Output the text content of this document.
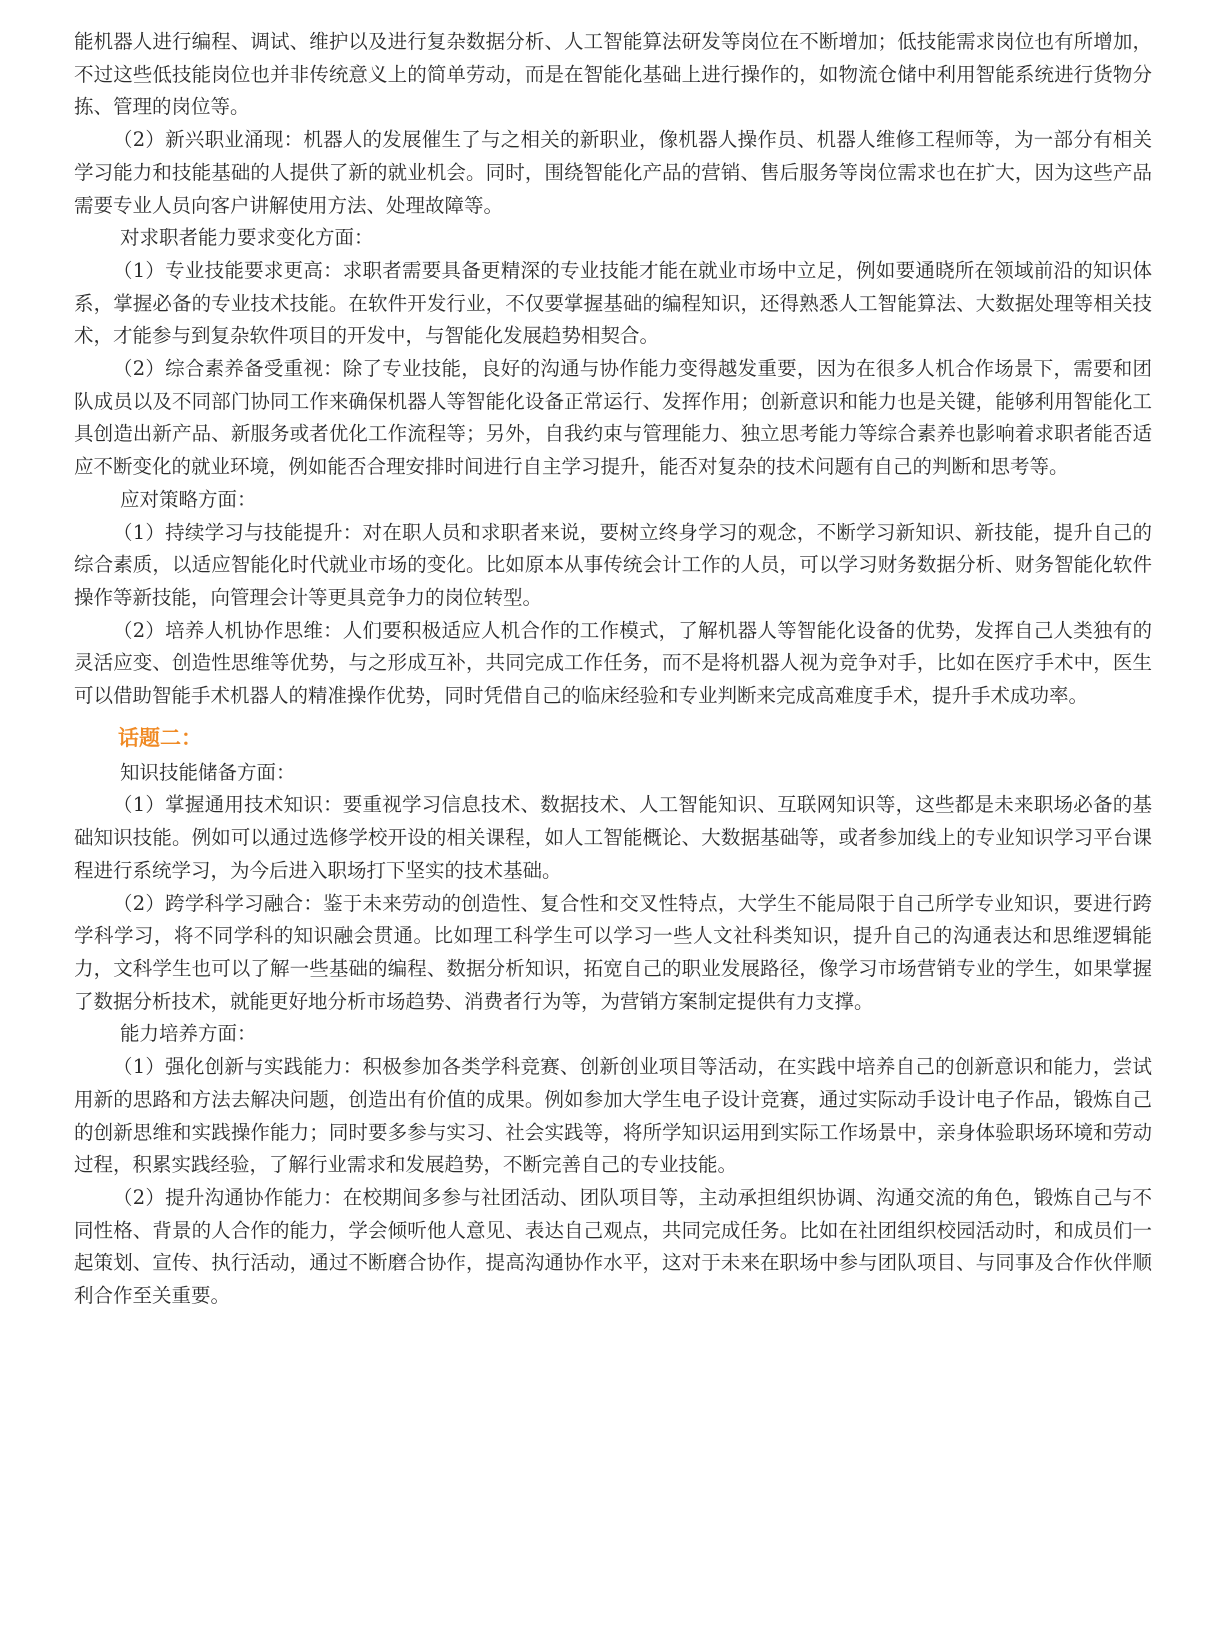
能机器人进行编程、调试、维护以及进行复杂数据分析、人工智能算法研发等岗位在不断增加；低技能需求岗位也有所增加，不过这些低技能岗位也并非传统意义上的简单劳动，而是在智能化基础上进行操作的，如物流仓储中利用智能系统进行货物分拣、管理的岗位等。

（2）新兴职业涌现：机器人的发展催生了与之相关的新职业，像机器人操作员、机器人维修工程师等，为一部分有相关学习能力和技能基础的人提供了新的就业机会。同时，围绕智能化产品的营销、售后服务等岗位需求也在扩大，因为这些产品需要专业人员向客户讲解使用方法、处理故障等。

对求职者能力要求变化方面：

（1）专业技能要求更高：求职者需要具备更精深的专业技能才能在就业市场中立足，例如要通晓所在领域前沿的知识体系，掌握必备的专业技术技能。在软件开发行业，不仅要掌握基础的编程知识，还得熟悉人工智能算法、大数据处理等相关技术，才能参与到复杂软件项目的开发中，与智能化发展趋势相契合。

（2）综合素养备受重视：除了专业技能，良好的沟通与协作能力变得越发重要，因为在很多人机合作场景下，需要和团队成员以及不同部门协同工作来确保机器人等智能化设备正常运行、发挥作用；创新意识和能力也是关键，能够利用智能化工具创造出新产品、新服务或者优化工作流程等；另外，自我约束与管理能力、独立思考能力等综合素养也影响着求职者能否适应不断变化的就业环境，例如能否合理安排时间进行自主学习提升，能否对复杂的技术问题有自己的判断和思考等。

应对策略方面：

（1）持续学习与技能提升：对在职人员和求职者来说，要树立终身学习的观念，不断学习新知识、新技能，提升自己的综合素质，以适应智能化时代就业市场的变化。比如原本从事传统会计工作的人员，可以学习财务数据分析、财务智能化软件操作等新技能，向管理会计等更具竞争力的岗位转型。

（2）培养人机协作思维：人们要积极适应人机合作的工作模式，了解机器人等智能化设备的优势，发挥自己人类独有的灵活应变、创造性思维等优势，与之形成互补，共同完成工作任务，而不是将机器人视为竞争对手，比如在医疗手术中，医生可以借助智能手术机器人的精准操作优势，同时凭借自己的临床经验和专业判断来完成高难度手术，提升手术成功率。

话题二：

知识技能储备方面：

（1）掌握通用技术知识：要重视学习信息技术、数据技术、人工智能知识、互联网知识等，这些都是未来职场必备的基础知识技能。例如可以通过选修学校开设的相关课程，如人工智能概论、大数据基础等，或者参加线上的专业知识学习平台课程进行系统学习，为今后进入职场打下坚实的技术基础。

（2）跨学科学习融合：鉴于未来劳动的创造性、复合性和交叉性特点，大学生不能局限于自己所学专业知识，要进行跨学科学习，将不同学科的知识融会贯通。比如理工科学生可以学习一些人文社科类知识，提升自己的沟通表达和思维逻辑能力，文科学生也可以了解一些基础的编程、数据分析知识，拓宽自己的职业发展路径，像学习市场营销专业的学生，如果掌握了数据分析技术，就能更好地分析市场趋势、消费者行为等，为营销方案制定提供有力支撑。

能力培养方面：

（1）强化创新与实践能力：积极参加各类学科竞赛、创新创业项目等活动，在实践中培养自己的创新意识和能力，尝试用新的思路和方法去解决问题，创造出有价值的成果。例如参加大学生电子设计竞赛，通过实际动手设计电子作品，锻炼自己的创新思维和实践操作能力；同时要多参与实习、社会实践等，将所学知识运用到实际工作场景中，亲身体验职场环境和劳动过程，积累实践经验，了解行业需求和发展趋势，不断完善自己的专业技能。

（2）提升沟通协作能力：在校期间多参与社团活动、团队项目等，主动承担组织协调、沟通交流的角色，锻炼自己与不同性格、背景的人合作的能力，学会倾听他人意见、表达自己观点，共同完成任务。比如在社团组织校园活动时，和成员们一起策划、宣传、执行活动，通过不断磨合协作，提高沟通协作水平，这对于未来在职场中参与团队项目、与同事及合作伙伴顺利合作至关重要。
